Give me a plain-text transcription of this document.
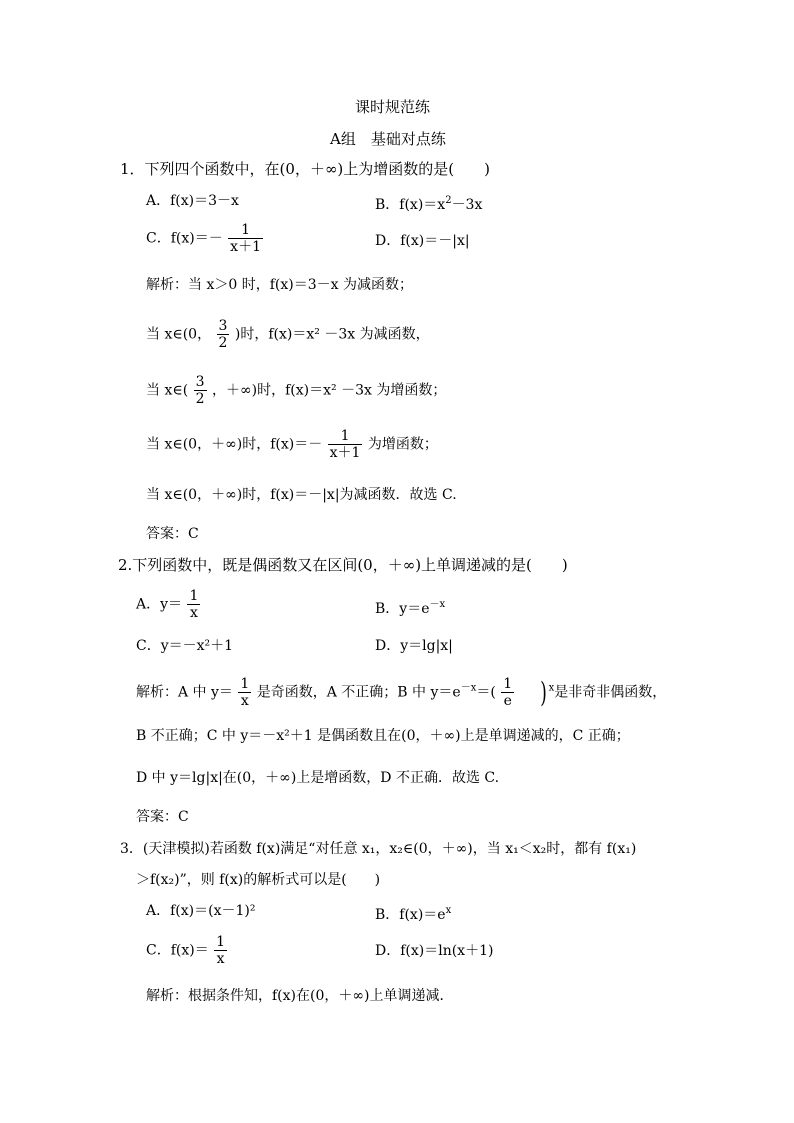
课时规范练
A组　基础对点练
1．下列四个函数中，在(0，＋∞)上为增函数的是(　　)
A．f(x)＝3－x	B．$f(x)=x^2-3x$
C．$f(x)=- \frac{1}{x+1}$	D．f(x)＝－|x|
解析：当 x＞0 时，f(x)＝3－x 为减函数；
当 x∈(0， $\frac{3}{2}$ )时，f(x)＝x² －3x 为减函数，
当 x∈( $\frac{3}{2}$ ，＋∞)时，f(x)＝x² －3x 为增函数；
当 x∈(0，＋∞)时，$f(x)=- \frac{1}{x+1}$ 为增函数；
当 x∈(0，＋∞)时，f(x)＝－|x|为减函数．故选 C.
答案：C
2.下列函数中，既是偶函数又在区间(0，＋∞)上单调递减的是(　　)
A．$y= \frac{1}{x}$	B．$y=e^{-x}$
C．y＝－x²＋1	D．y＝lg|x|
解析：A 中 $y= \frac{1}{x}$ 是奇函数，A 不正确；B 中 $y=e^{-x}=( \frac{1}{e}$ ) $^x$是非奇非偶函数，
B 不正确；C 中 y＝－x²＋1 是偶函数且在(0，＋∞)上是单调递减的，C 正确；
D 中 y＝lg|x|在(0，＋∞)上是增函数，D 不正确．故选 C.
答案：C
3．(天津模拟)若函数 f(x)满足“对任意 x₁，x₂∈(0，＋∞)，当 x₁＜x₂时，都有 f(x₁)
＞f(x₂)”，则 f(x)的解析式可以是(　　)
A．f(x)＝(x－1)²	B．$f(x)=e^x$
C．$f(x)= \frac{1}{x}$	D．f(x)＝ln(x＋1)
解析：根据条件知，f(x)在(0，＋∞)上单调递减．
